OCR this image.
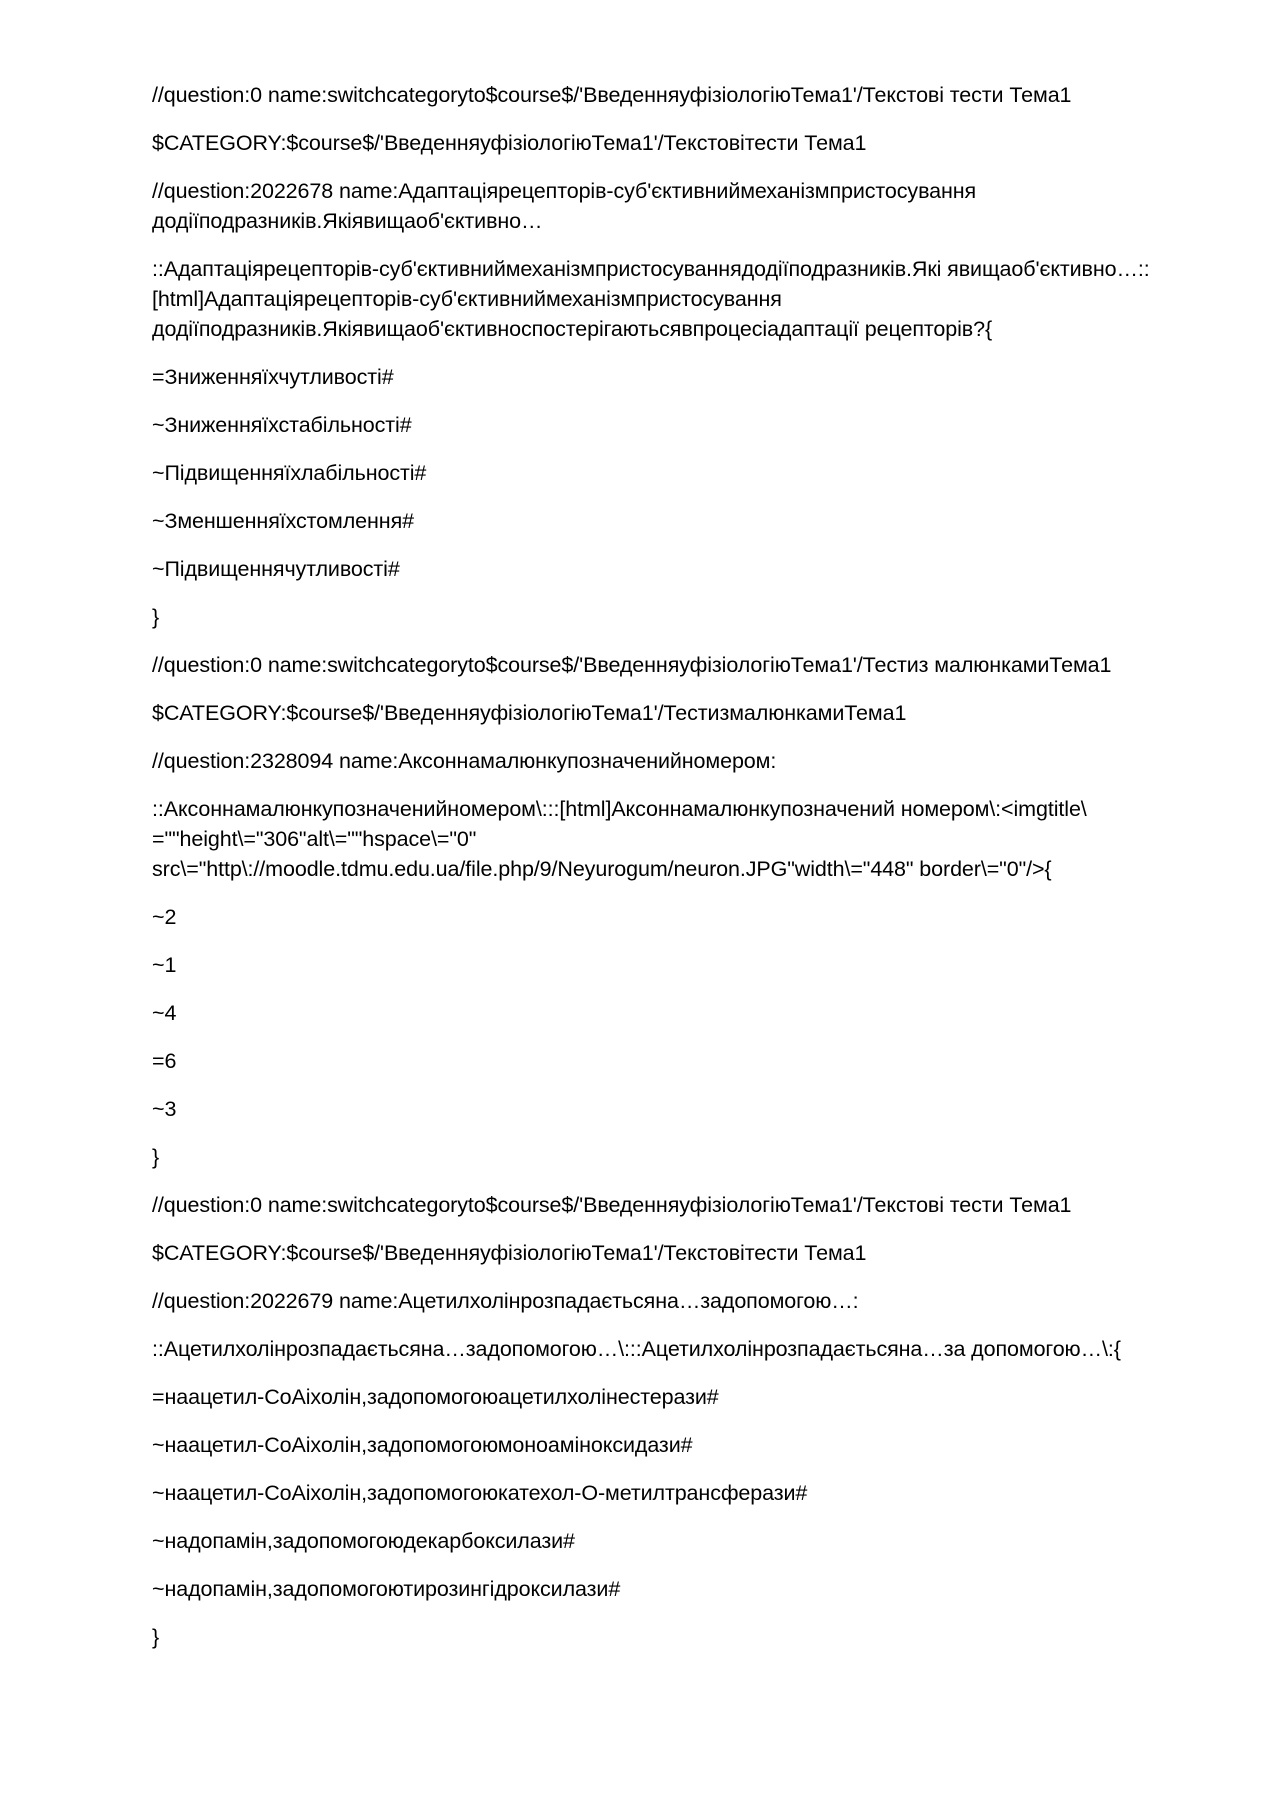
//question:0 name:switchcategoryto$course$/'ВведенняуфізіологіюТема1'/Текстові тести Тема1

$CATEGORY:$course$/'ВведенняуфізіологіюТема1'/Текстовітести Тема1

//question:2022678 name:Адаптаціярецепторів-суб'єктивниймеханізмпристосування
додіїподразників.Якіявищаоб'єктивно…

::Адаптаціярецепторів-суб'єктивниймеханізмпристосуваннядодіїподразників.Які явищаоб'єктивно…::
[html]Адаптаціярецепторів-суб'єктивниймеханізмпристосування
додіїподразників.Якіявищаоб'єктивноспостерігаютьсявпроцесіадаптації рецепторів?{

=Зниженняїхчутливості#

~Зниженняїхстабільності#

~Підвищенняїхлабільності#

~Зменшенняїхстомлення#

~Підвищеннячутливості#

}

//question:0 name:switchcategoryto$course$/'ВведенняуфізіологіюТема1'/Тестиз малюнкамиТема1

$CATEGORY:$course$/'ВведенняуфізіологіюТема1'/ТестизмалюнкамиТема1

//question:2328094 name:Аксоннамалюнкупозначенийномером:

::Аксоннамалюнкупозначенийномером\:::[html]Аксоннамалюнкупозначений номером\:<imgtitle\
=""height\="306"alt\=""hspace\="0"
src\="http\://moodle.tdmu.edu.ua/file.php/9/Neyurogum/neuron.JPG"width\="448" border\="0"/>{

~2

~1

~4

=6

~3

}

//question:0 name:switchcategoryto$course$/'ВведенняуфізіологіюТема1'/Текстові тести Тема1

$CATEGORY:$course$/'ВведенняуфізіологіюТема1'/Текстовітести Тема1

//question:2022679 name:Ацетилхолінрозпадаєтьсяна…задопомогою…:

::Ацетилхолінрозпадаєтьсяна…задопомогою…\:::Ацетилхолінрозпадаєтьсяна…за допомогою…\:{

=наацетил-СоАіхолін,задопомогоюацетилхолінестерази#

~наацетил-СоАіхолін,задопомогоюмоноаміноксидази#

~наацетил-СоАіхолін,задопомогоюкатехол-О-метилтрансферази#

~надопамін,задопомогоюдекарбоксилази#

~надопамін,задопомогоютирозингідроксилази#

}
